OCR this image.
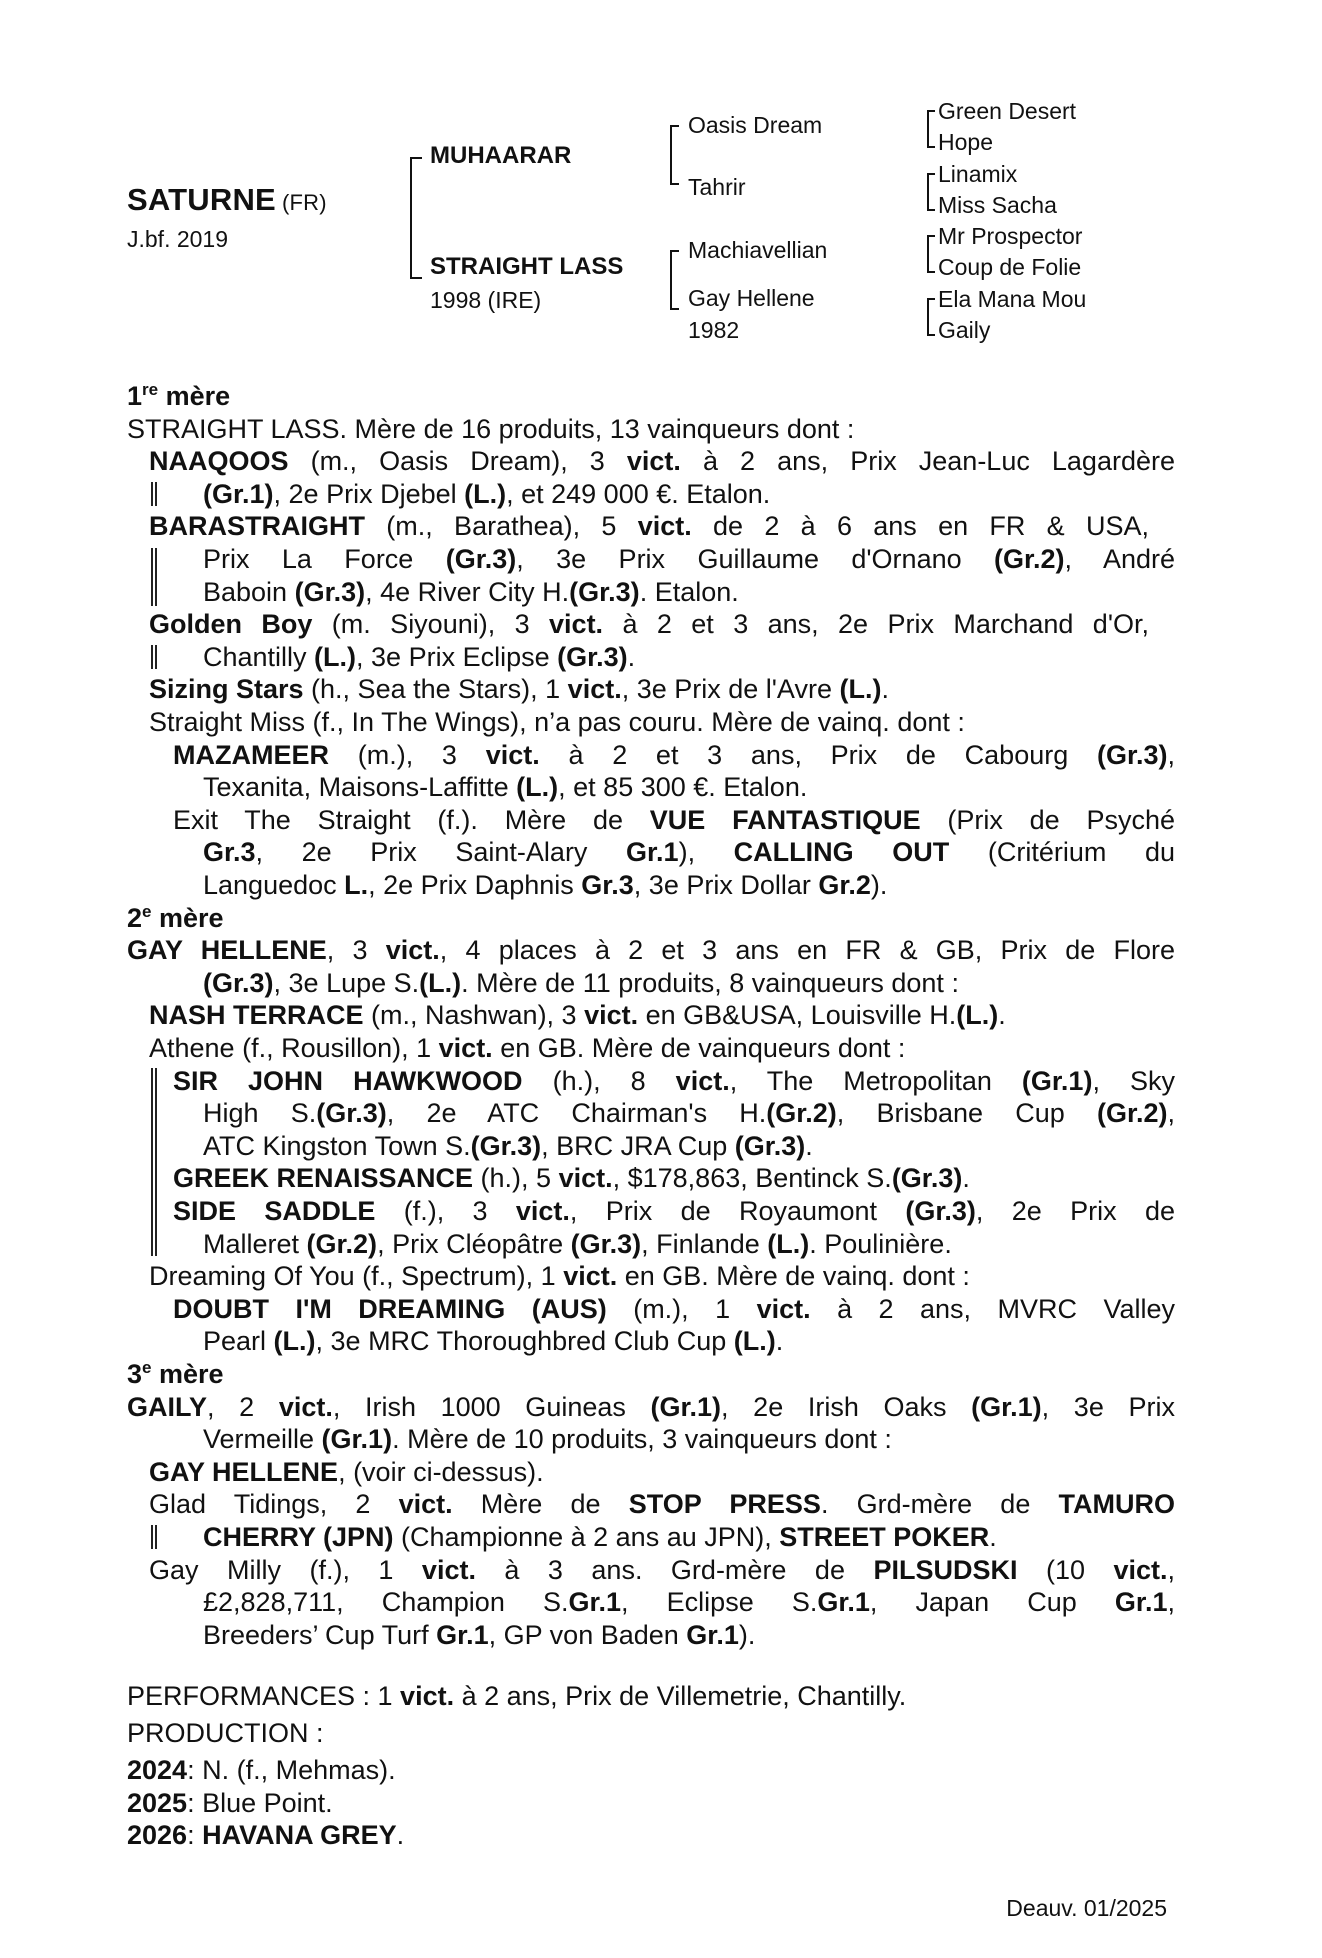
SATURNE (FR)
J.bf. 2019
MUHAARAR
STRAIGHT LASS
1998 (IRE)
Oasis Dream
Tahrir
Machiavellian
Gay Hellene
1982
Green Desert
Hope
Linamix
Miss Sacha
Mr Prospector
Coup de Folie
Ela Mana Mou
Gaily
1re mère
STRAIGHT LASS. Mère de 16 produits, 13 vainqueurs dont :
NAAQOOS (m., Oasis Dream), 3 vict. à 2 ans, Prix Jean-Luc Lagardère
(Gr.1), 2e Prix Djebel (L.), et 249 000 €. Etalon.
BARASTRAIGHT (m., Barathea), 5 vict. de 2 à 6 ans en FR & USA,
Prix La Force (Gr.3), 3e Prix Guillaume d'Ornano (Gr.2), André
Baboin (Gr.3), 4e River City H.(Gr.3). Etalon.
Golden Boy (m. Siyouni), 3 vict. à 2 et 3 ans, 2e Prix Marchand d'Or,
Chantilly (L.), 3e Prix Eclipse (Gr.3).
Sizing Stars (h., Sea the Stars), 1 vict., 3e Prix de l'Avre (L.).
Straight Miss (f., In The Wings), n’a pas couru. Mère de vainq. dont :
MAZAMEER (m.), 3 vict. à 2 et 3 ans, Prix de Cabourg (Gr.3),
Texanita, Maisons-Laffitte (L.), et 85 300 €. Etalon.
Exit The Straight (f.). Mère de VUE FANTASTIQUE (Prix de Psyché
Gr.3, 2e Prix Saint-Alary Gr.1), CALLING OUT (Critérium du
Languedoc L., 2e Prix Daphnis Gr.3, 3e Prix Dollar Gr.2).
2e mère
GAY HELLENE, 3 vict., 4 places à 2 et 3 ans en FR & GB, Prix de Flore
(Gr.3), 3e Lupe S.(L.). Mère de 11 produits, 8 vainqueurs dont :
NASH TERRACE (m., Nashwan), 3 vict. en GB&USA, Louisville H.(L.).
Athene (f., Rousillon), 1 vict. en GB. Mère de vainqueurs dont :
SIR JOHN HAWKWOOD (h.), 8 vict., The Metropolitan (Gr.1), Sky
High S.(Gr.3), 2e ATC Chairman's H.(Gr.2), Brisbane Cup (Gr.2),
ATC Kingston Town S.(Gr.3), BRC JRA Cup (Gr.3).
GREEK RENAISSANCE (h.), 5 vict., $178,863, Bentinck S.(Gr.3).
SIDE SADDLE (f.), 3 vict., Prix de Royaumont (Gr.3), 2e Prix de
Malleret (Gr.2), Prix Cléopâtre (Gr.3), Finlande (L.). Poulinière.
Dreaming Of You (f., Spectrum), 1 vict. en GB. Mère de vainq. dont :
DOUBT I'M DREAMING (AUS) (m.), 1 vict. à 2 ans, MVRC Valley
Pearl (L.), 3e MRC Thoroughbred Club Cup (L.).
3e mère
GAILY, 2 vict., Irish 1000 Guineas (Gr.1), 2e Irish Oaks (Gr.1), 3e Prix
Vermeille (Gr.1). Mère de 10 produits, 3 vainqueurs dont :
GAY HELLENE, (voir ci-dessus).
Glad Tidings, 2 vict. Mère de STOP PRESS. Grd-mère de TAMURO
CHERRY (JPN) (Championne à 2 ans au JPN), STREET POKER.
Gay Milly (f.), 1 vict. à 3 ans. Grd-mère de PILSUDSKI (10 vict.,
£2,828,711, Champion S.Gr.1, Eclipse S.Gr.1, Japan Cup Gr.1,
Breeders’ Cup Turf Gr.1, GP von Baden Gr.1).
PERFORMANCES : 1 vict. à 2 ans, Prix de Villemetrie, Chantilly.
PRODUCTION :
2024: N. (f., Mehmas).
2025: Blue Point.
2026: HAVANA GREY.
Deauv. 01/2025
